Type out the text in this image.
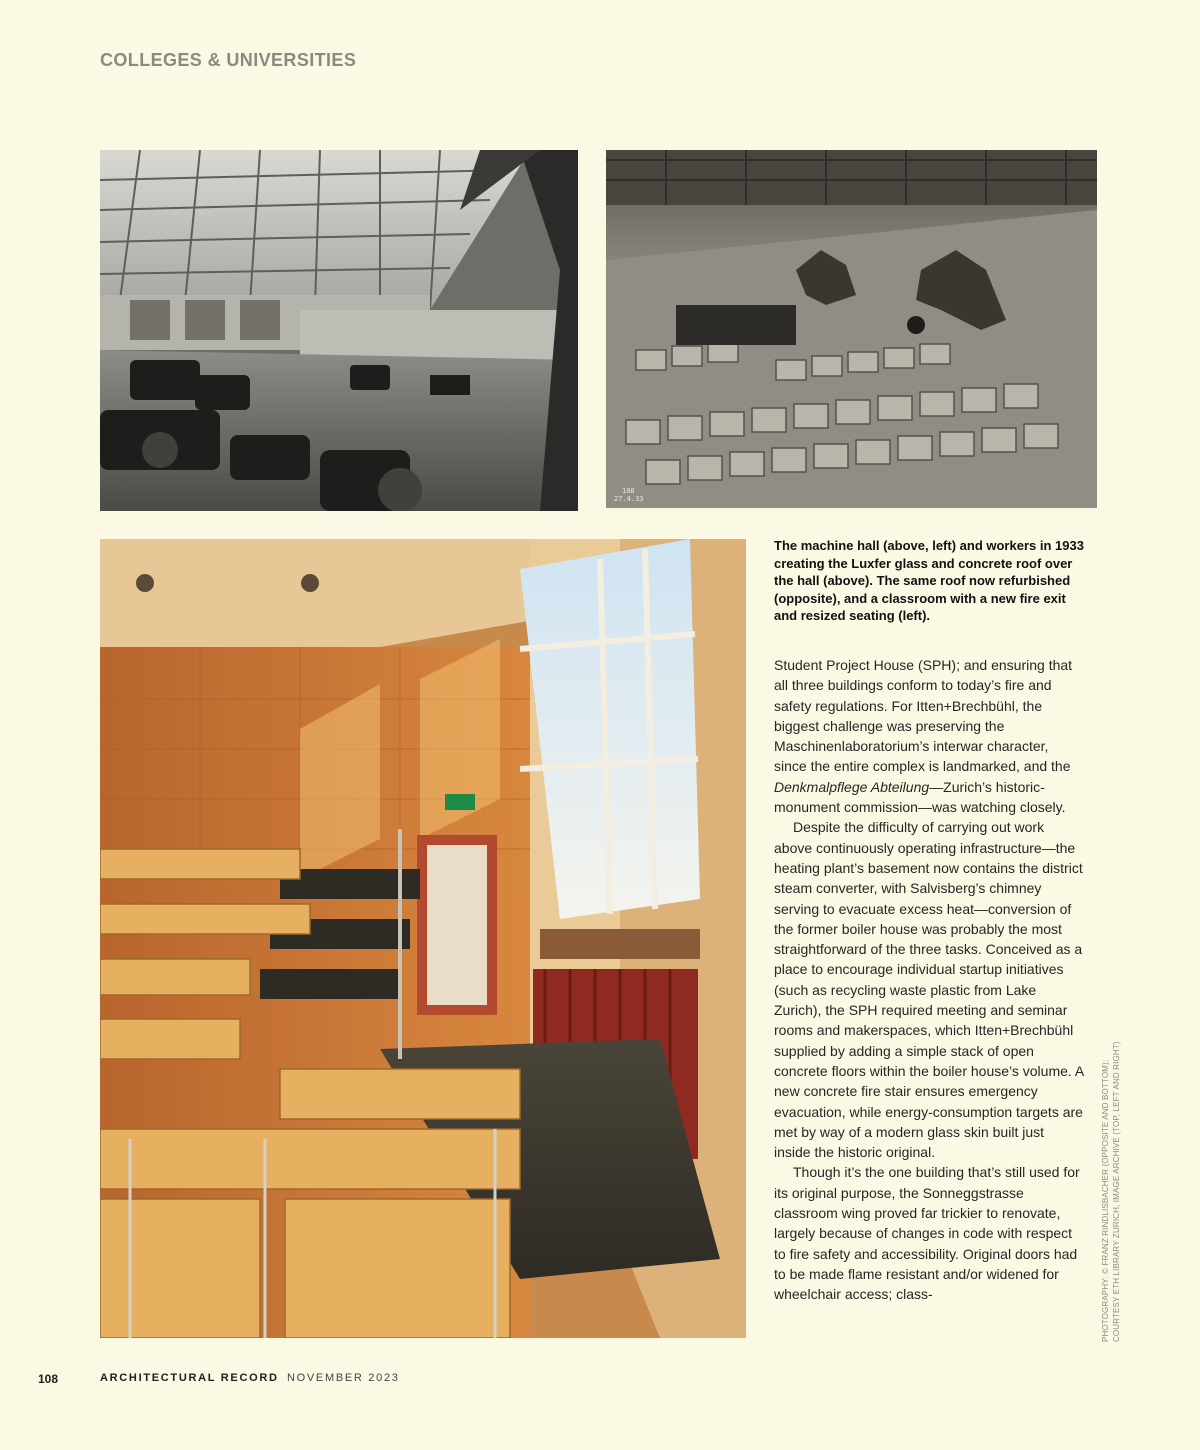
COLLEGES & UNIVERSITIES
108
27.4.33
The machine hall (above, left) and workers in 1933 creating the Luxfer glass and concrete roof over the hall (above). The same roof now refurbished (opposite), and a classroom with a new fire exit and resized seating (left).

Student Project House (SPH); and ensuring that all three buildings conform to today’s fire and safety regulations. For Itten+Brechbühl, the biggest challenge was preserving the Maschinenlaboratorium’s interwar character, since the entire complex is landmarked, and the Denkmalpflege Abteilung—Zurich’s historic-monument commission—was watching closely.

Despite the difficulty of carrying out work above continuously operating infrastructure—the heating plant’s basement now contains the district steam converter, with Salvisberg’s chimney serving to evacuate excess heat—conversion of the former boiler house was probably the most straightforward of the three tasks. Conceived as a place to encourage individual startup initiatives (such as recycling waste plastic from Lake Zurich), the SPH required meeting and seminar rooms and makerspaces, which Itten+Brechbühl supplied by adding a simple stack of open concrete floors within the boiler house’s volume. A new concrete fire stair ensures emergency evacuation, while energy-consumption targets are met by way of a modern glass skin built just inside the historic original.

Though it’s the one building that’s still used for its original purpose, the Sonneggstrasse classroom wing proved far trickier to renovate, largely because of changes in code with respect to fire safety and accessibility. Original doors had to be made flame resistant and/or widened for wheelchair access; class-	PHOTOGRAPHY: © FRANZ RINDLISBACHER (OPPOSITE AND BOTTOM); COURTESY ETH LIBRARY ZURICH, IMAGE ARCHIVE (TOP, LEFT AND RIGHT)
108	ARCHITECTURAL RECORD NOVEMBER 2023
